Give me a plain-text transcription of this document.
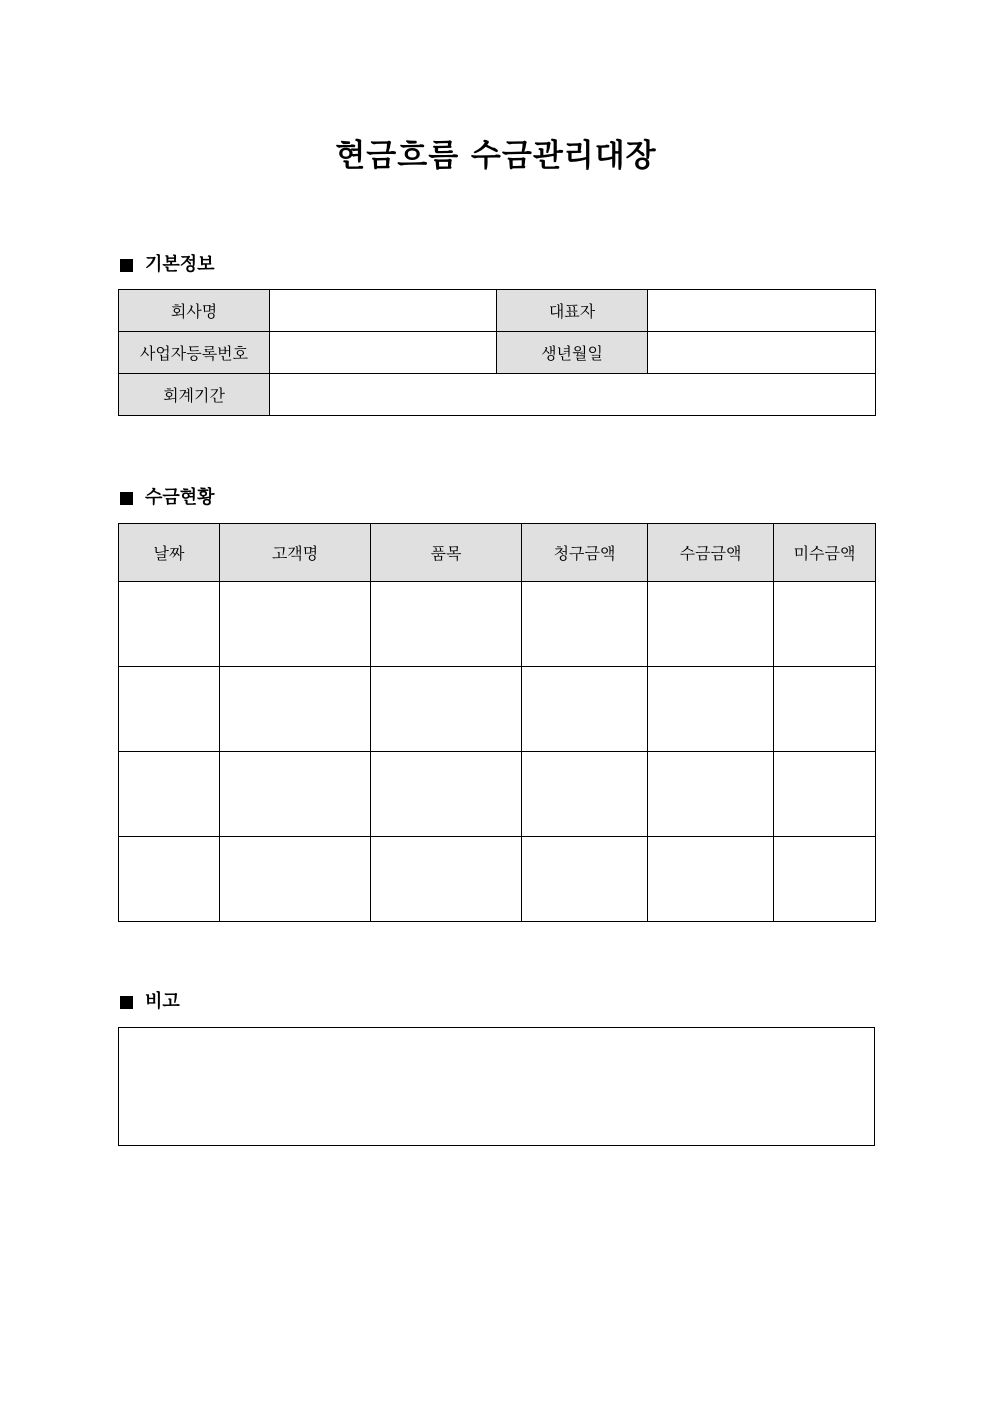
현금흐름 수금관리대장
기본정보
회사명		대표자	
사업자등록번호		생년월일	
회계기간			
수금현황
날짜	고객명	품목	청구금액	수금금액	미수금액

비고
